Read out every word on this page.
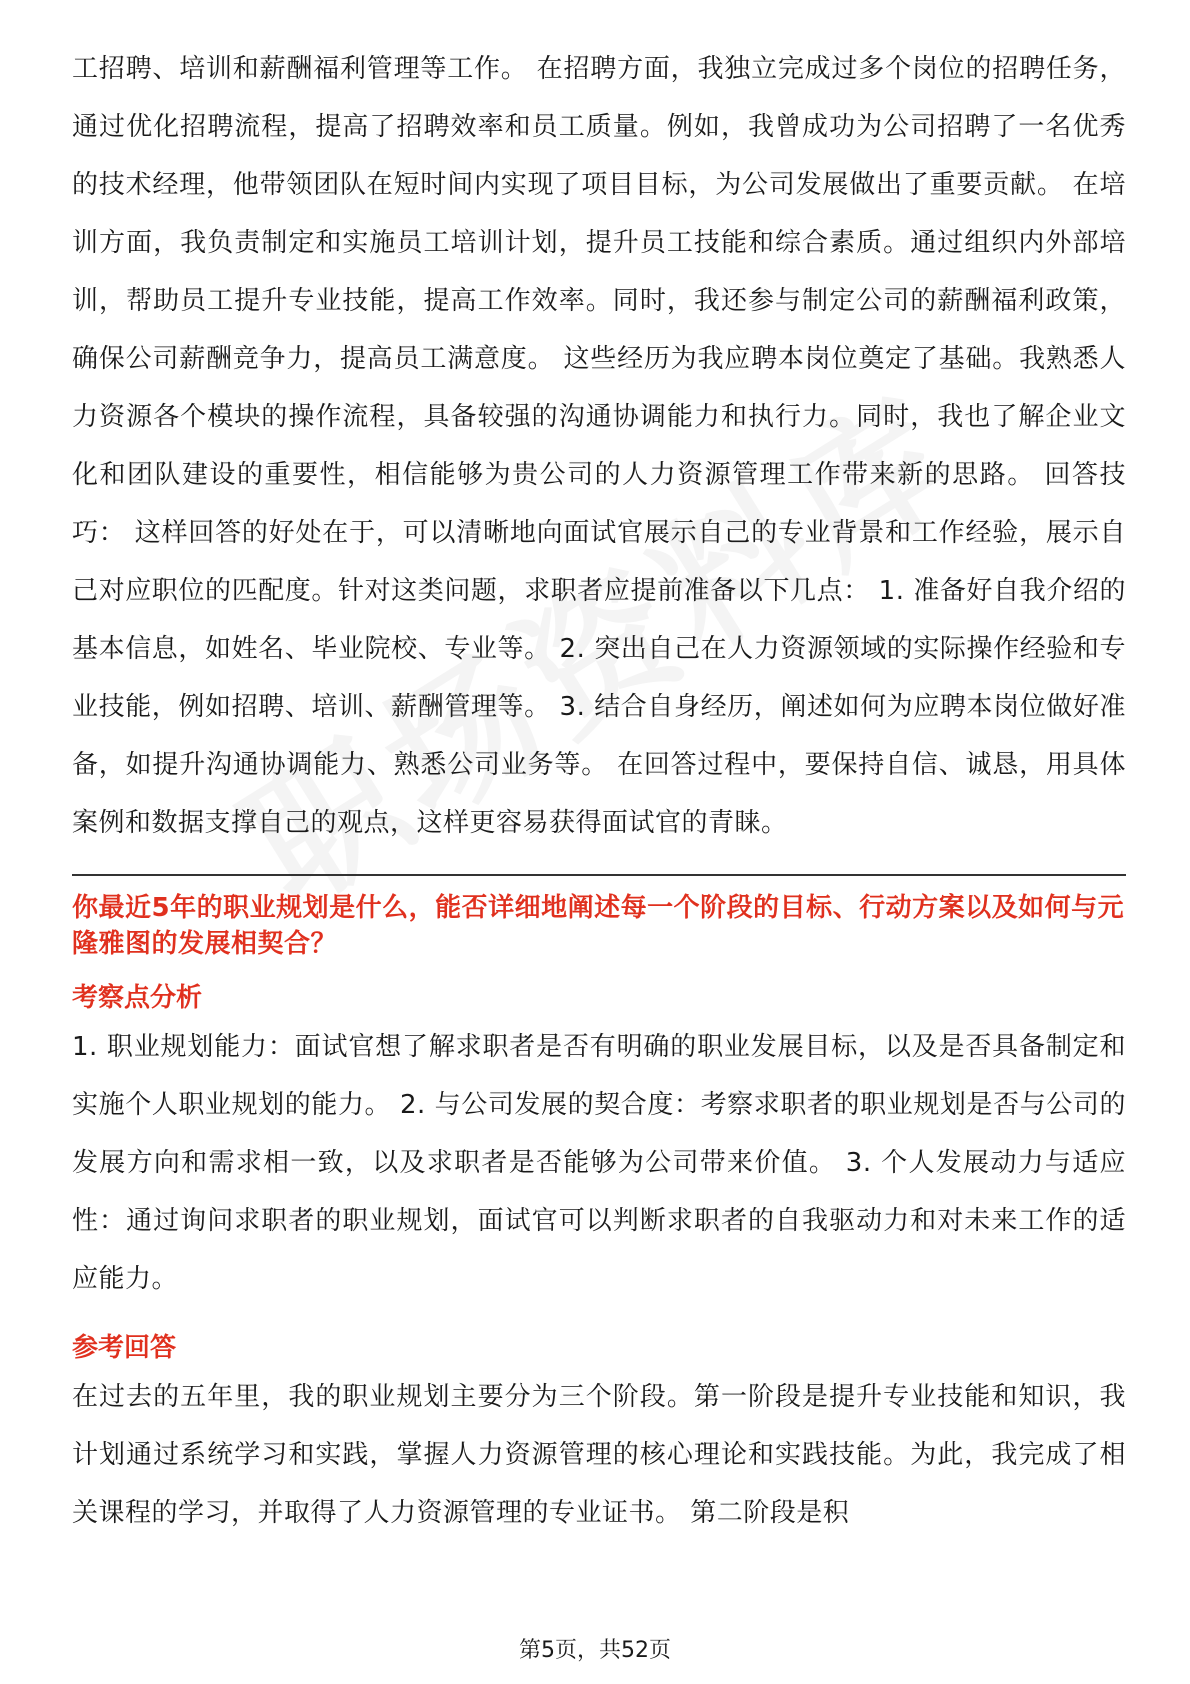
工招聘、培训和薪酬福利管理等工作。 在招聘方面，我独立完成过多个岗位的招聘任务，通过优化招聘流程，提高了招聘效率和员工质量。例如，我曾成功为公司招聘了一名优秀的技术经理，他带领团队在短时间内实现了项目目标，为公司发展做出了重要贡献。 在培训方面，我负责制定和实施员工培训计划，提升员工技能和综合素质。通过组织内外部培训，帮助员工提升专业技能，提高工作效率。同时，我还参与制定公司的薪酬福利政策，确保公司薪酬竞争力，提高员工满意度。 这些经历为我应聘本岗位奠定了基础。我熟悉人力资源各个模块的操作流程，具备较强的沟通协调能力和执行力。同时，我也了解企业文化和团队建设的重要性，相信能够为贵公司的人力资源管理工作带来新的思路。 回答技巧： 这样回答的好处在于，可以清晰地向面试官展示自己的专业背景和工作经验，展示自己对应职位的匹配度。针对这类问题，求职者应提前准备以下几点： 1. 准备好自我介绍的基本信息，如姓名、毕业院校、专业等。 2. 突出自己在人力资源领域的实际操作经验和专业技能，例如招聘、培训、薪酬管理等。 3. 结合自身经历，阐述如何为应聘本岗位做好准备，如提升沟通协调能力、熟悉公司业务等。 在回答过程中，要保持自信、诚恳，用具体案例和数据支撑自己的观点，这样更容易获得面试官的青睐。

你最近5年的职业规划是什么，能否详细地阐述每一个阶段的目标、行动方案以及如何与元隆雅图的发展相契合？

考察点分析

1. 职业规划能力：面试官想了解求职者是否有明确的职业发展目标，以及是否具备制定和实施个人职业规划的能力。 2. 与公司发展的契合度：考察求职者的职业规划是否与公司的发展方向和需求相一致，以及求职者是否能够为公司带来价值。 3. 个人发展动力与适应性：通过询问求职者的职业规划，面试官可以判断求职者的自我驱动力和对未来工作的适应能力。

参考回答

在过去的五年里，我的职业规划主要分为三个阶段。第一阶段是提升专业技能和知识，我计划通过系统学习和实践，掌握人力资源管理的核心理论和实践技能。为此，我完成了相关课程的学习，并取得了人力资源管理的专业证书。 第二阶段是积

第5页，共52页
